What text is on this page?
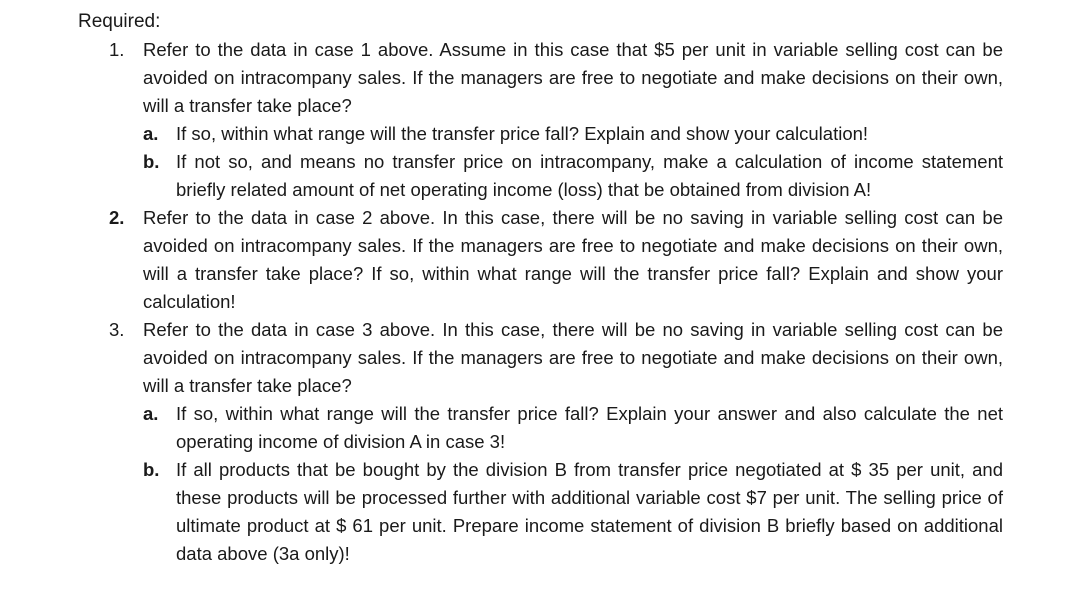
Required:
1.	Refer to the data in case 1 above. Assume in this case that $5 per unit in variable selling cost can be avoided on intracompany sales. If the managers are free to negotiate and make decisions on their own, will a transfer take place?
a. If so, within what range will the transfer price fall? Explain and show your calculation!
b. If not so, and means no transfer price on intracompany, make a calculation of income statement briefly related amount of net operating income (loss) that be obtained from division A!
2.	Refer to the data in case 2 above. In this case, there will be no saving in variable selling cost can be avoided on intracompany sales. If the managers are free to negotiate and make decisions on their own, will a transfer take place? If so, within what range will the transfer price fall? Explain and show your calculation!
3.	Refer to the data in case 3 above. In this case, there will be no saving in variable selling cost can be avoided on intracompany sales. If the managers are free to negotiate and make decisions on their own, will a transfer take place?
a. If so, within what range will the transfer price fall? Explain your answer and also calculate the net operating income of division A in case 3!
b. If all products that be bought by the division B from transfer price negotiated at $ 35 per unit, and these products will be processed further with additional variable cost $7 per unit. The selling price of ultimate product at $ 61 per unit. Prepare income statement of division B briefly based on additional data above (3a only)!
